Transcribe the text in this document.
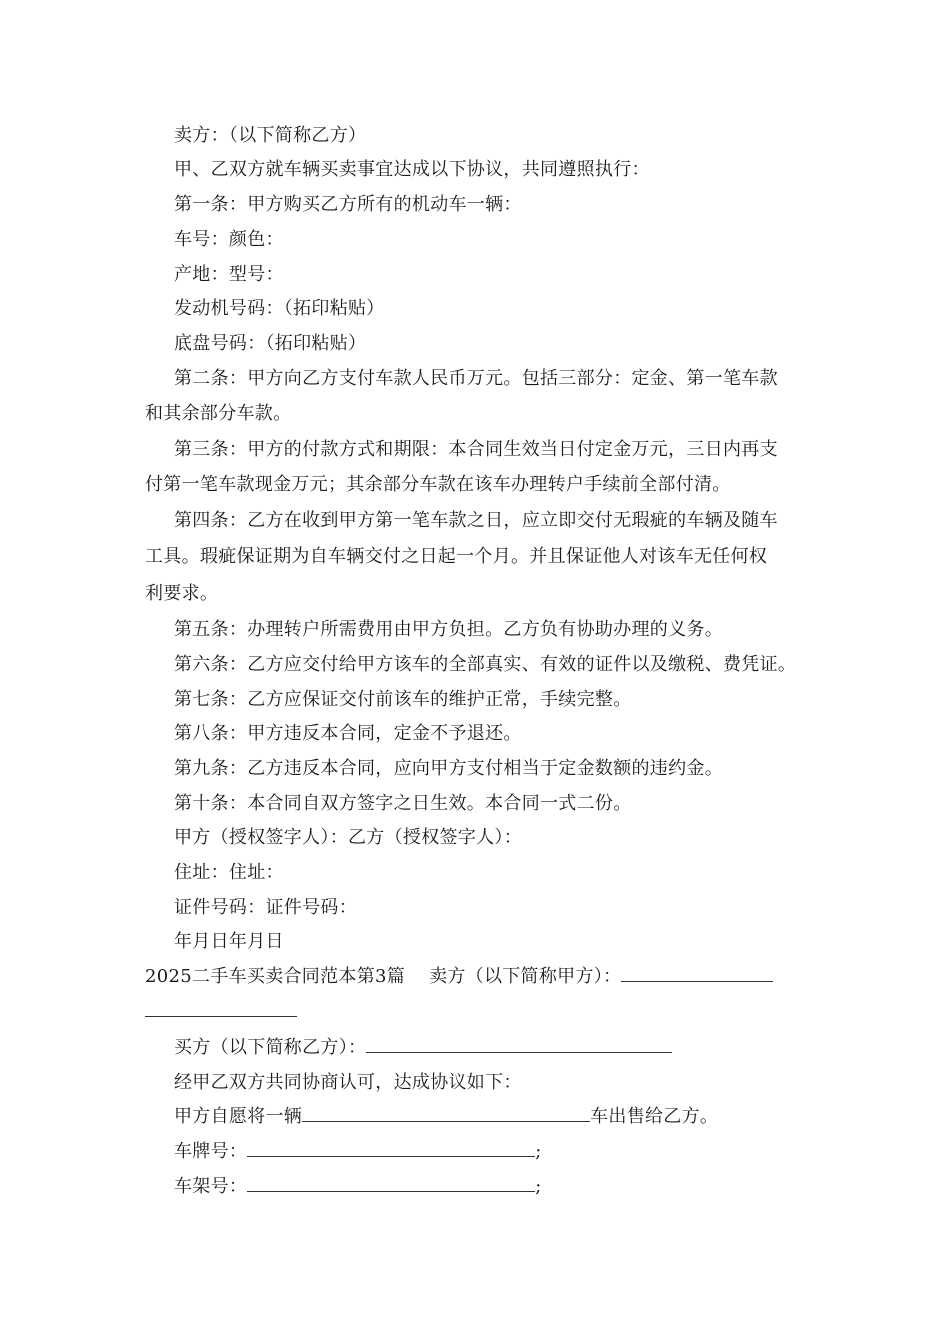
卖方：（以下简称乙方）
甲、乙双方就车辆买卖事宜达成以下协议，共同遵照执行：
第一条：甲方购买乙方所有的机动车一辆：
车号：颜色：
产地：型号：
发动机号码：（拓印粘贴）
底盘号码：（拓印粘贴）
第二条：甲方向乙方支付车款人民币万元。包括三部分：定金、第一笔车款
和其余部分车款。
第三条：甲方的付款方式和期限：本合同生效当日付定金万元，三日内再支
付第一笔车款现金万元；其余部分车款在该车办理转户手续前全部付清。
第四条：乙方在收到甲方第一笔车款之日，应立即交付无瑕疵的车辆及随车
工具。瑕疵保证期为自车辆交付之日起一个月。并且保证他人对该车无任何权
利要求。
第五条：办理转户所需费用由甲方负担。乙方负有协助办理的义务。
第六条：乙方应交付给甲方该车的全部真实、有效的证件以及缴税、费凭证。
第七条：乙方应保证交付前该车的维护正常，手续完整。
第八条：甲方违反本合同，定金不予退还。
第九条：乙方违反本合同，应向甲方支付相当于定金数额的违约金。
第十条：本合同自双方签字之日生效。本合同一式二份。
甲方（授权签字人）：乙方（授权签字人）：
住址：住址：
证件号码：证件号码：
年月日年月日
2025二手车买卖合同范本第3篇 卖方（以下简称甲方）：
买方（以下简称乙方）：
经甲乙双方共同协商认可，达成协议如下：
甲方自愿将一辆	车出售给乙方。
车牌号：	;
车架号：	;
